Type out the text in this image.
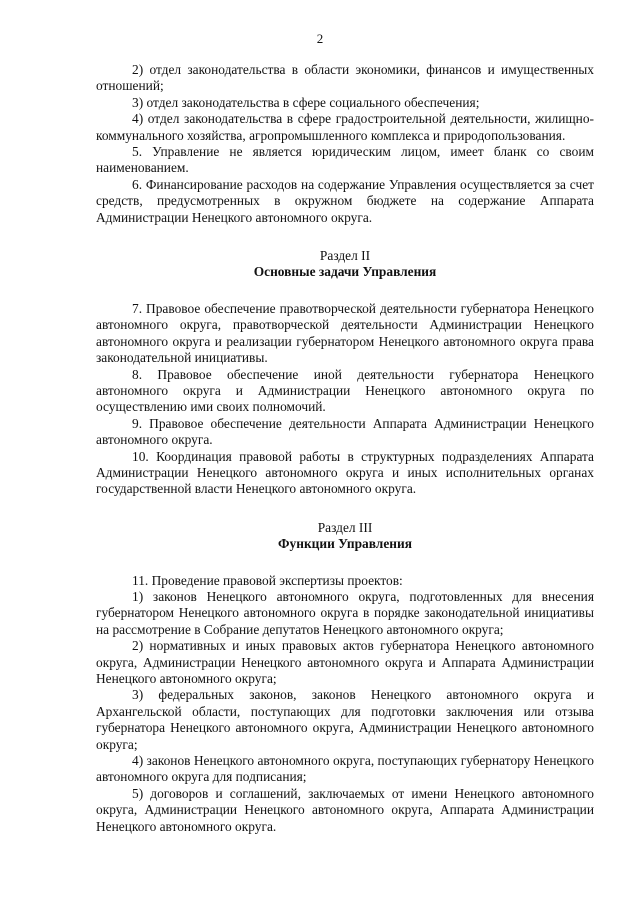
2

2) отдел законодательства в области экономики, финансов и имущественных отношений;

3) отдел законодательства в сфере социального обеспечения;

4) отдел законодательства в сфере градостроительной деятельности, жилищно-коммунального хозяйства, агропромышленного комплекса и природопользования.

5. Управление не является юридическим лицом, имеет бланк со своим наименованием.

6. Финансирование расходов на содержание Управления осуществляется за счет средств, предусмотренных в окружном бюджете на содержание Аппарата Администрации Ненецкого автономного округа.

Раздел II

Основные задачи Управления

7. Правовое обеспечение правотворческой деятельности губернатора Ненецкого автономного округа, правотворческой деятельности Администрации Ненецкого автономного округа и реализации губернатором Ненецкого автономного округа права законодательной инициативы.

8. Правовое обеспечение иной деятельности губернатора Ненецкого автономного округа и Администрации Ненецкого автономного округа по осуществлению ими своих полномочий.

9. Правовое обеспечение деятельности Аппарата Администрации Ненецкого автономного округа.

10. Координация правовой работы в структурных подразделениях Аппарата Администрации Ненецкого автономного округа и иных исполнительных органах государственной власти Ненецкого автономного округа.

Раздел III

Функции Управления

11. Проведение правовой экспертизы проектов:

1) законов Ненецкого автономного округа, подготовленных для внесения губернатором Ненецкого автономного округа в порядке законодательной инициативы на рассмотрение в Собрание депутатов Ненецкого автономного округа;

2) нормативных и иных правовых актов губернатора Ненецкого автономного округа, Администрации Ненецкого автономного округа и Аппарата Администрации Ненецкого автономного округа;

3) федеральных законов, законов Ненецкого автономного округа и Архангельской области, поступающих для подготовки заключения или отзыва губернатора Ненецкого автономного округа, Администрации Ненецкого автономного округа;

4) законов Ненецкого автономного округа, поступающих губернатору Ненецкого автономного округа для подписания;

5) договоров и соглашений, заключаемых от имени Ненецкого автономного округа, Администрации Ненецкого автономного округа, Аппарата Администрации Ненецкого автономного округа.
